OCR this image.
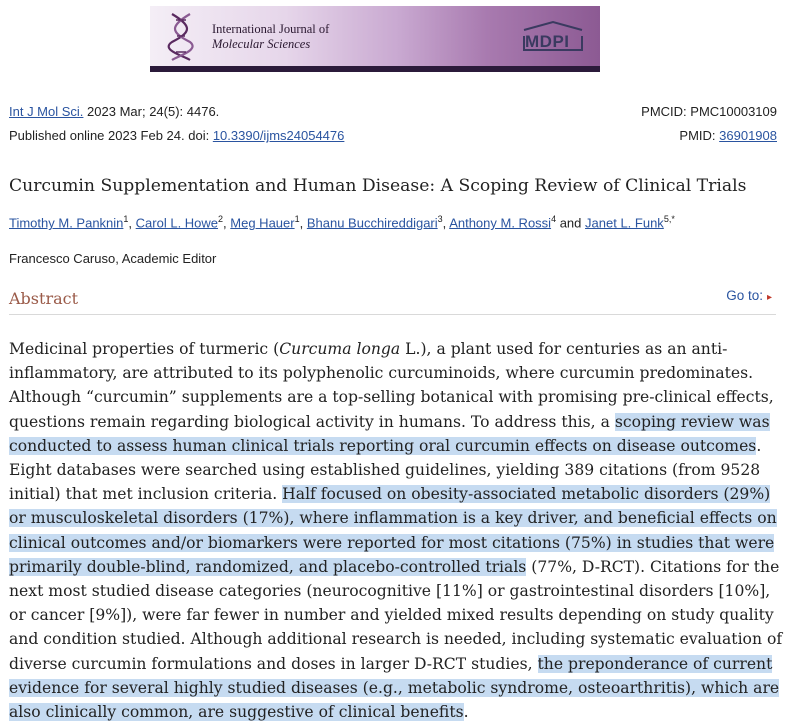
International Journal of
Molecular Sciences	MDPI
Int J Mol Sci. 2023 Mar; 24(5): 4476.	PMCID: PMC10003109
Published online 2023 Feb 24. doi: 10.3390/ijms24054476	PMID: 36901908
Curcumin Supplementation and Human Disease: A Scoping Review of Clinical Trials
Timothy M. Panknin$^1$, Carol L. Howe$^2$, Meg Hauer$^1$, Bhanu Bucchireddigari$^3$, Anthony M. Rossi$^4$ and Janet L. Funk$^{5,*}$
Francesco Caruso, Academic Editor
Abstract	Go to: ▸
Medicinal properties of turmeric (Curcuma longa L.), a plant used for centuries as an anti-inflammatory, are attributed to its polyphenolic curcuminoids, where curcumin predominates. Although “curcumin” supplements are a top-selling botanical with promising pre-clinical effects, questions remain regarding biological activity in humans. To address this, a scoping review was conducted to assess human clinical trials reporting oral curcumin effects on disease outcomes. Eight databases were searched using established guidelines, yielding 389 citations (from 9528 initial) that met inclusion criteria. Half focused on obesity-associated metabolic disorders (29%) or musculoskeletal disorders (17%), where inflammation is a key driver, and beneficial effects on clinical outcomes and/or biomarkers were reported for most citations (75%) in studies that were primarily double-blind, randomized, and placebo-controlled trials (77%, D-RCT). Citations for the next most studied disease categories (neurocognitive [11%] or gastrointestinal disorders [10%], or cancer [9%]), were far fewer in number and yielded mixed results depending on study quality and condition studied. Although additional research is needed, including systematic evaluation of diverse curcumin formulations and doses in larger D-RCT studies, the preponderance of current evidence for several highly studied diseases (e.g., metabolic syndrome, osteoarthritis), which are also clinically common, are suggestive of clinical benefits.
